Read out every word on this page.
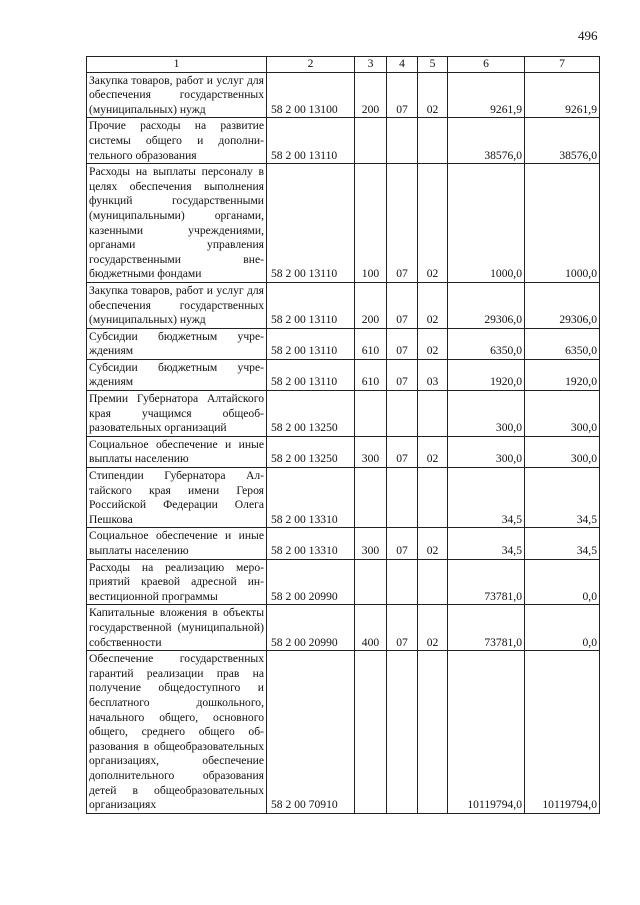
496
1	2	3	4	5	6	7
Закупка товаров, работ и услуг для обеспечения государственных (муниципальных) нужд	58 2 00 13100	200	07	02	9261,9	9261,9
Прочие расходы на развитие системы общего и дополнительного образования	58 2 00 13110				38576,0	38576,0
Расходы на выплаты персоналу в целях обеспечения выполнения функций государственными (муниципальными) органами, казенными учреждениями, органами управления государственными внебюджетными фондами	58 2 00 13110	100	07	02	1000,0	1000,0
Закупка товаров, работ и услуг для обеспечения государственных (муниципальных) нужд	58 2 00 13110	200	07	02	29306,0	29306,0
Субсидии бюджетным учреждениям	58 2 00 13110	610	07	02	6350,0	6350,0
Субсидии бюджетным учреждениям	58 2 00 13110	610	07	03	1920,0	1920,0
Премии Губернатора Алтайского края учащимся общеобразовательных организаций	58 2 00 13250				300,0	300,0
Социальное обеспечение и иные выплаты населению	58 2 00 13250	300	07	02	300,0	300,0
Стипендии Губернатора Алтайского края имени Героя Российской Федерации Олега Пешкова	58 2 00 13310				34,5	34,5
Социальное обеспечение и иные выплаты населению	58 2 00 13310	300	07	02	34,5	34,5
Расходы на реализацию мероприятий краевой адресной инвестиционной программы	58 2 00 20990				73781,0	0,0
Капитальные вложения в объекты государственной (муниципальной) собственности	58 2 00 20990	400	07	02	73781,0	0,0
Обеспечение государственных гарантий реализации прав на получение общедоступного и бесплатного дошкольного, начального общего, основного общего, среднего общего образования в общеобразовательных организациях, обеспечение дополнительного образования детей в общеобразовательных организациях	58 2 00 70910				10119794,0	10119794,0
